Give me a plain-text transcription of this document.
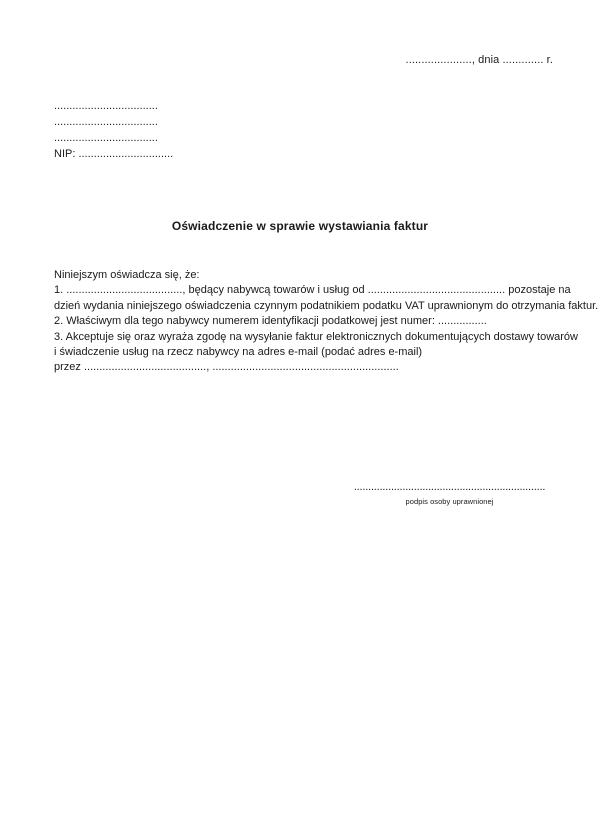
....................., dnia ............. r.
..................................
..................................
..................................
NIP: ...............................
Oświadczenie w sprawie wystawiania faktur
Niniejszym oświadcza się, że:
1. ......................................, będący nabywcą towarów i usług od ............................................. pozostaje na
dzień wydania niniejszego oświadczenia czynnym podatnikiem podatku VAT uprawnionym do otrzymania faktur.
2. Właściwym dla tego nabywcy numerem identyfikacji podatkowej jest numer: ................
3. Akceptuje się oraz wyraża zgodę na wysyłanie faktur elektronicznych dokumentujących dostawy towarów
i świadczenie usług na rzecz nabywcy na adres e-mail (podać adres e-mail)
przez ........................................, .............................................................
...................................................................
podpis osoby uprawnionej
